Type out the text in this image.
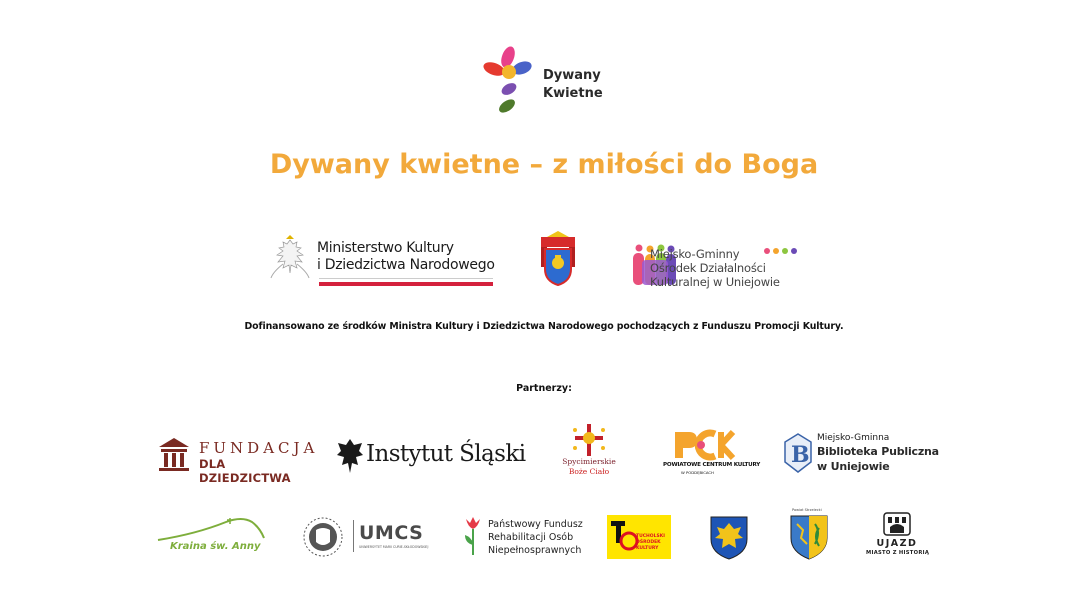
Dywany
Kwietne
Dywany kwietne – z miłości do Boga
Ministerstwo Kultury
i Dziedzictwa Narodowego
Miejsko-Gminny
Ośrodek Działalności
Kulturalnej w Uniejowie
Dofinansowano ze środków Ministra Kultury i Dziedzictwa Narodowego pochodzących z Funduszu Promocji Kultury.
Partnerzy:
FUNDACJA
DLA DZIEDZICTWA
Instytut Śląski	Spycimierskie
Boże Ciało
POWIATOWE CENTRUM KULTURY
W PODDĘBICACH
B
Miejsko-Gminna
Biblioteka Publiczna
w Uniejowie
Kraina św. Anny
UMCS
UNIWERSYTET MARII CURIE-SKŁODOWSKIEJ
Państwowy Fundusz
Rehabilitacji Osób
Niepełnosprawnych
TUCHOLSKI
OŚRODEK
KULTURY
Powiat Strzelecki
UJAZD
MIASTO Z HISTORIĄ
